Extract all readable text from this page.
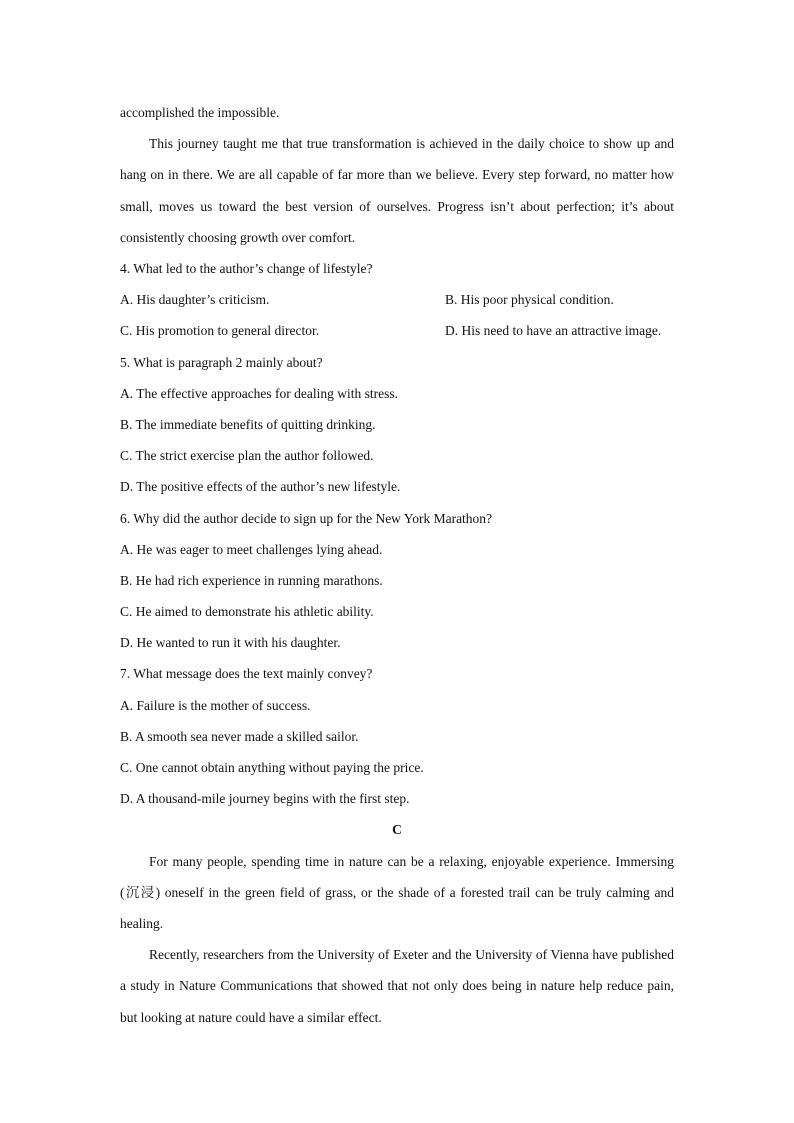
accomplished the impossible.

This journey taught me that true transformation is achieved in the daily choice to show up and hang on in there. We are all capable of far more than we believe. Every step forward, no matter how small, moves us toward the best version of ourselves. Progress isn’t about perfection; it’s about consistently choosing growth over comfort.

4. What led to the author’s change of lifestyle?

A. His daughter’s criticism.	B. His poor physical condition.
C. His promotion to general director.	D. His need to have an attractive image.

5. What is paragraph 2 mainly about?

A. The effective approaches for dealing with stress.

B. The immediate benefits of quitting drinking.

C. The strict exercise plan the author followed.

D. The positive effects of the author’s new lifestyle.

6. Why did the author decide to sign up for the New York Marathon?

A. He was eager to meet challenges lying ahead.

B. He had rich experience in running marathons.

C. He aimed to demonstrate his athletic ability.

D. He wanted to run it with his daughter.

7. What message does the text mainly convey?

A. Failure is the mother of success.

B. A smooth sea never made a skilled sailor.

C. One cannot obtain anything without paying the price.

D. A thousand-mile journey begins with the first step.

C

For many people, spending time in nature can be a relaxing, enjoyable experience. Immersing (沉浸) oneself in the green field of grass, or the shade of a forested trail can be truly calming and healing.

Recently, researchers from the University of Exeter and the University of Vienna have published a study in Nature Communications that showed that not only does being in nature help reduce pain, but looking at nature could have a similar effect.
